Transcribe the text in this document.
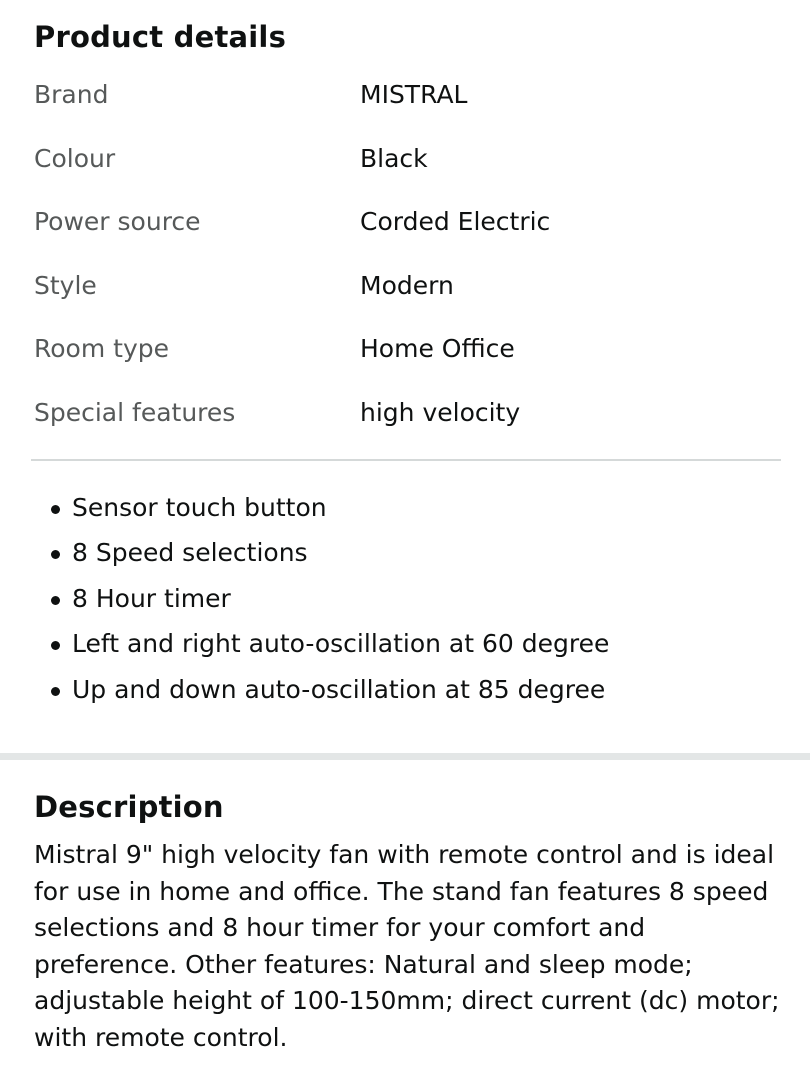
Product details
Brand	MISTRAL
Colour	Black
Power source	Corded Electric
Style	Modern
Room type	Home Office
Special features	high velocity
Sensor touch button
8 Speed selections
8 Hour timer
Left and right auto-oscillation at 60 degree
Up and down auto-oscillation at 85 degree
Description

Mistral 9" high velocity fan with remote control and is ideal for use in home and office. The stand fan features 8 speed selections and 8 hour timer for your comfort and preference. Other features: Natural and sleep mode; adjustable height of 100-150mm; direct current (dc) motor; with remote control.
